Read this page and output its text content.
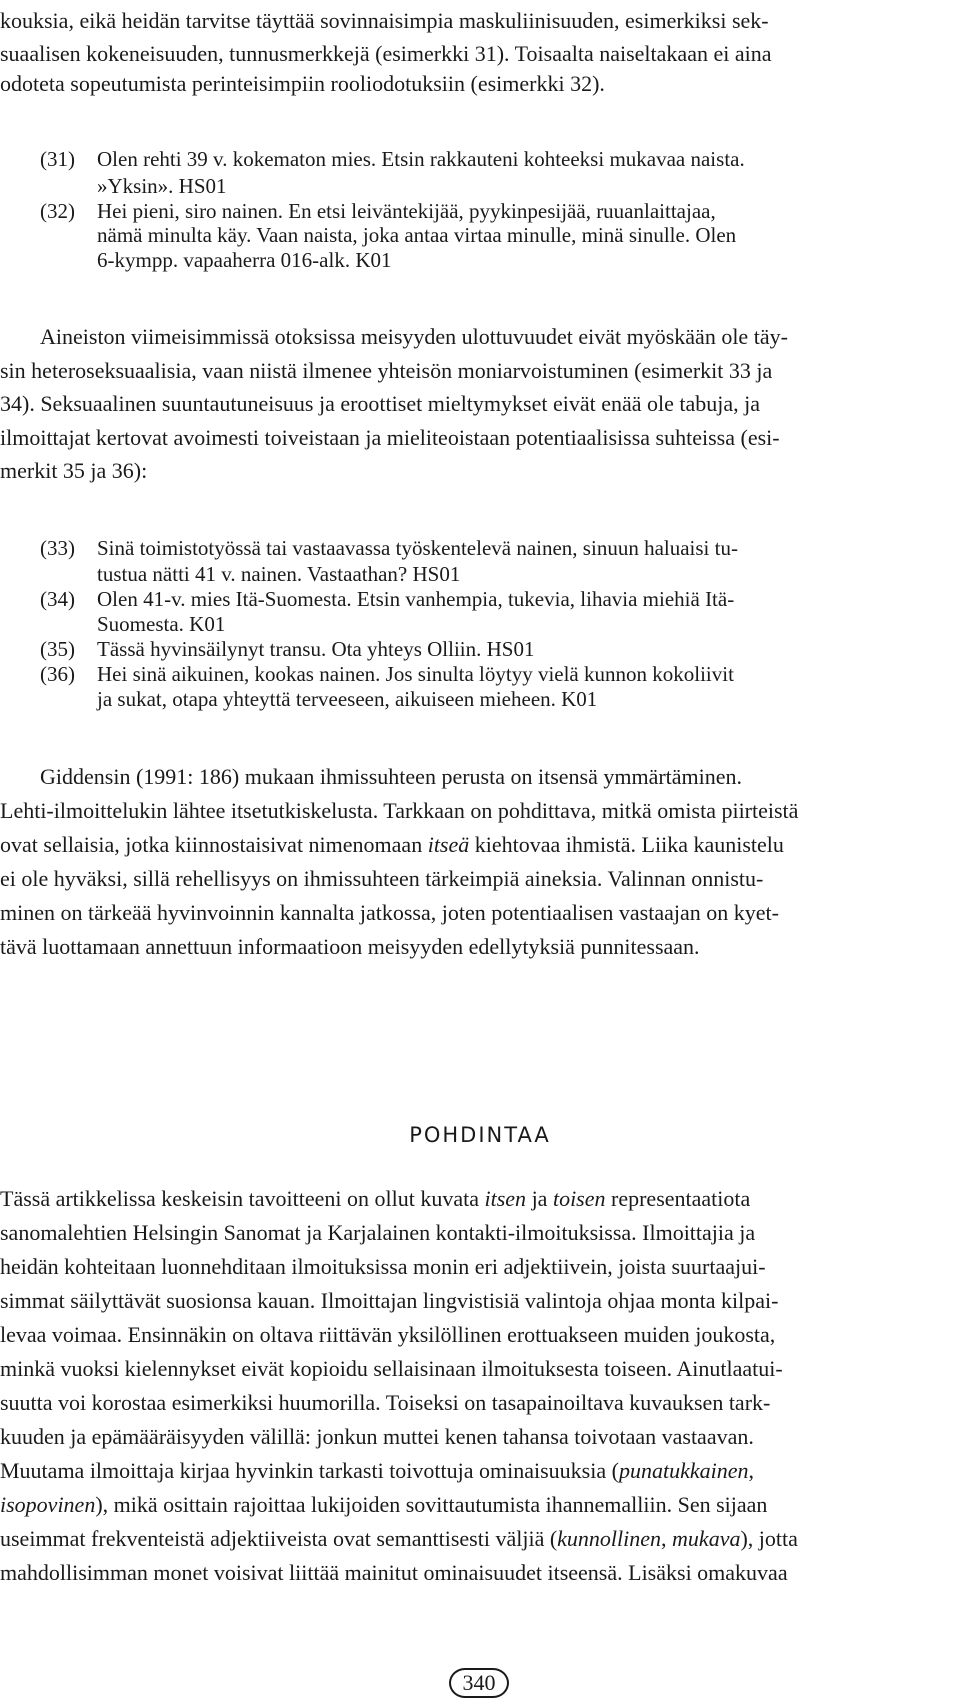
kouksia, eikä heidän tarvitse täyttää sovinnaisimpia maskuliinisuuden, esimerkiksi sek-
suaalisen kokeneisuuden, tunnusmerkkejä (esimerkki 31). Toisaalta naiseltakaan ei aina
odoteta sopeutumista perinteisimpiin rooliodotuksiin (esimerkki 32).
(31) Olen rehti 39 v. kokematon mies. Etsin rakkauteni kohteeksi mukavaa naista.
»Yksin». HS01
(32) Hei pieni, siro nainen. En etsi leiväntekijää, pyykinpesijää, ruuanlaittajaa,
nämä minulta käy. Vaan naista, joka antaa virtaa minulle, minä sinulle. Olen
6-kympp. vapaaherra 016-alk. K01
Aineiston viimeisimmissä otoksissa meisyyden ulottuvuudet eivät myöskään ole täy-
sin heteroseksuaalisia, vaan niistä ilmenee yhteisön moniarvoistuminen (esimerkit 33 ja
34). Seksuaalinen suuntautuneisuus ja eroottiset mieltymykset eivät enää ole tabuja, ja
ilmoittajat kertovat avoimesti toiveistaan ja mieliteoistaan potentiaalisissa suhteissa (esi-
merkit 35 ja 36):
(33) Sinä toimistotyössä tai vastaavassa työskentelevä nainen, sinuun haluaisi tu-
tustua nätti 41 v. nainen. Vastaathan? HS01
(34) Olen 41-v. mies Itä-Suomesta. Etsin vanhempia, tukevia, lihavia miehiä Itä-
Suomesta. K01
(35) Tässä hyvinsäilynyt transu. Ota yhteys Olliin. HS01
(36) Hei sinä aikuinen, kookas nainen. Jos sinulta löytyy vielä kunnon kokoliivit
ja sukat, otapa yhteyttä terveeseen, aikuiseen mieheen. K01
Giddensin (1991: 186) mukaan ihmissuhteen perusta on itsensä ymmärtäminen.
Lehti-ilmoittelukin lähtee itsetutkiskelusta. Tarkkaan on pohdittava, mitkä omista piirteistä
ovat sellaisia, jotka kiinnostaisivat nimenomaan itseä kiehtovaa ihmistä. Liika kaunistelu
ei ole hyväksi, sillä rehellisyys on ihmissuhteen tärkeimpiä aineksia. Valinnan onnistu-
minen on tärkeää hyvinvoinnin kannalta jatkossa, joten potentiaalisen vastaajan on kyet-
tävä luottamaan annettuun informaatioon meisyyden edellytyksiä punnitessaan.
POHDINTAA
Tässä artikkelissa keskeisin tavoitteeni on ollut kuvata itsen ja toisen representaatiota
sanomalehtien Helsingin Sanomat ja Karjalainen kontakti-ilmoituksissa. Ilmoittajia ja
heidän kohteitaan luonnehditaan ilmoituksissa monin eri adjektiivein, joista suurtaajui-
simmat säilyttävät suosionsa kauan. Ilmoittajan lingvistisiä valintoja ohjaa monta kilpai-
levaa voimaa. Ensinnäkin on oltava riittävän yksilöllinen erottuakseen muiden joukosta,
minkä vuoksi kielennykset eivät kopioidu sellaisinaan ilmoituksesta toiseen. Ainutlaatui-
suutta voi korostaa esimerkiksi huumorilla. Toiseksi on tasapainoiltava kuvauksen tark-
kuuden ja epämääräisyyden välillä: jonkun muttei kenen tahansa toivotaan vastaavan.
Muutama ilmoittaja kirjaa hyvinkin tarkasti toivottuja ominaisuuksia (punatukkainen,
isopovinen), mikä osittain rajoittaa lukijoiden sovittautumista ihannemalliin. Sen sijaan
useimmat frekventeistä adjektiiveista ovat semanttisesti väljiä (kunnollinen, mukava), jotta
mahdollisimman monet voisivat liittää mainitut ominaisuudet itseensä. Lisäksi omakuvaa
340
